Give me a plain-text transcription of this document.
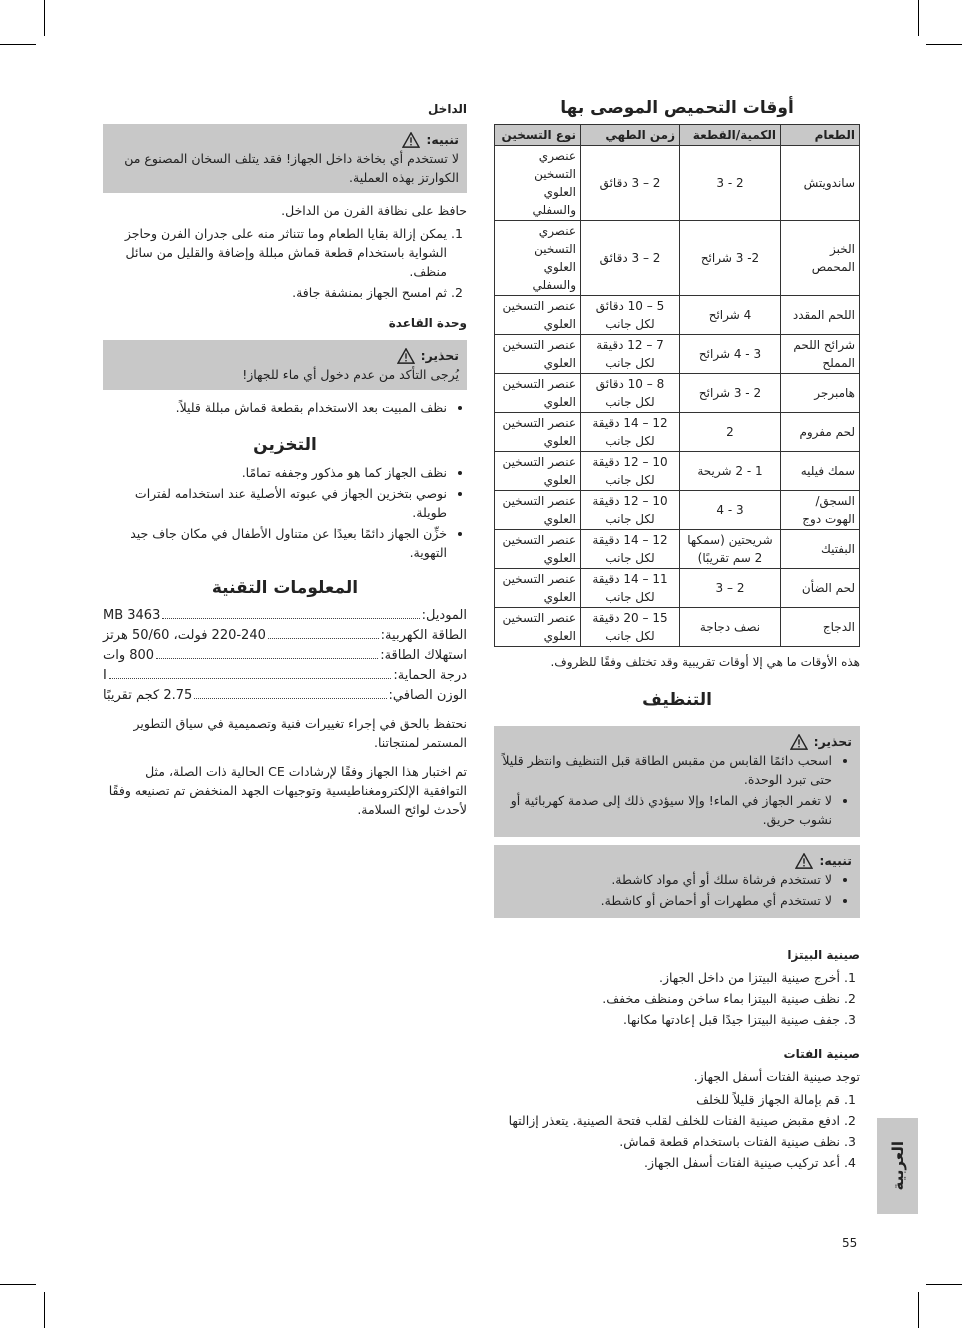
الداخل
تنبيه:
لا تستخدم أي بخاخة داخل الجهاز! فقد يتلف السخان المصنوع من الكوارتز بهذه العملية.

حافظ على نظافة الفرن من الداخل.

1. يمكن إزالة بقايا الطعام وما تتناثر منه على جدران الفرن وحاجز الشواية باستخدام قطعة قماش مبللة وإضافة والقليل من سائل منظف.
2. ثم امسح الجهاز بمنشفة جافة.
وحدة القاعدة
تحذير:
يُرجى التأكد من عدم دخول أي ماء للجهاز!
• نظف المبيت بعد الاستخدام بقطعة قماش مبللة قليلاً.
التخزين
• نظف الجهاز كما هو مذكور وجففه تمامًا.
• نوصي بتخزين الجهاز في عبوته الأصلية عند استخدامه لفترات طويلة.
• خزِّن الجهاز دائمًا بعيدًا عن متناول الأطفال في مكان جاف جيد التهوية.
المعلومات التقنية
الموديل:
MB 3463
الطاقة الكهربية:
220-240 فولت، 50/60 هرتز
استهلاك الطاقة:
800 وات
درجة الحماية:
I
الوزن الصافي:
2.75 كجم تقريبًا

نحتفظ بالحق في إجراء تغييرات فنية وتصميمية في سياق التطوير المستمر لمنتجاتنا.

تم اختبار هذا الجهاز وفقًا لإرشادات CE الحالية ذات الصلة، مثل التوافقية الإلكترومغناطيسية وتوجيهات الجهد المنخفض تم تصنيعه وفقًا لأحدث لوائح السلامة.

أوقات التحميص الموصى بها
الطعام	الكمية/القطعة	زمن الطهي	نوع التسخين
ساندويتش	2 - 3	2 – 3 دقائق	عنصري التسخين العلوي والسفلي
الخبز المحمص	2- 3 شرائح	2 – 3 دقائق	عنصري التسخين العلوي والسفلي
اللحم المقدد	4 شرائح	5 – 10 دقائق لكل جانب	عنصر التسخين العلوي
شرائح اللحم المملح	3 - 4 شرائح	7 – 12 دقيقة لكل جانب	عنصر التسخين العلوي
هامبرجر	2 - 3 شرائح	8 – 10 دقائق لكل جانب	عنصر التسخين العلوي
لحم مفروم	2	12 – 14 دقيقة لكل جانب	عنصر التسخين العلوي
سمك فيليه	1 - 2 شريحة	10 – 12 دقيقة لكل جانب	عنصر التسخين العلوي
السجق/ الهوت دوج	3 - 4	10 – 12 دقيقة لكل جانب	عنصر التسخين العلوي
البفتيك	شريحتين (سمكها 2 سم تقريبًا)	12 – 14 دقيقة لكل جانب	عنصر التسخين العلوي
لحم الضأن	2 – 3	11 – 14 دقيقة لكل جانب	عنصر التسخين العلوي
الدجاج	نصف دجاجة	15 – 20 دقيقة لكل جانب	عنصر التسخين العلوي

هذه الأوقات ما هي إلا أوقات تقريبية وقد تختلف وفقًا للظروف.

التنظيف
تحذير:
• اسحب دائمًا القابس من مقبس الطاقة قبل التنظيف وانتظر قليلاً حتى تبرد الوحدة.
• لا تغمر الجهاز في الماء! وإلا سيؤدي ذلك إلى صدمة كهربائية أو نشوب حريق.
تنبيه:
• لا تستخدم فرشاة سلك أو أي مواد كاشطة.
• لا تستخدم أي مطهرات أو أحماض أو كاشطة.
صينية البيتزا
1. أخرج صينية البيتزا من داخل الجهاز.
2. نظف صينية البيتزا بماء ساخن ومنظف مخفف.
3. جفف صينية البيتزا جيدًا قبل إعادتها مكانها.
صينية الفتات

توجد صينية الفتات أسفل الجهاز.

1. قم بإمالة الجهاز قليلاً للخلف
2. ادفع مقبض صينية الفتات للخلف لقلب فتحة الصينية. يتعذر إزالتها
3. نظف صينية الفتات باستخدام قطعة قماش.
4. أعد تركيب صينية الفتات أسفل الجهاز.	العربية
55
